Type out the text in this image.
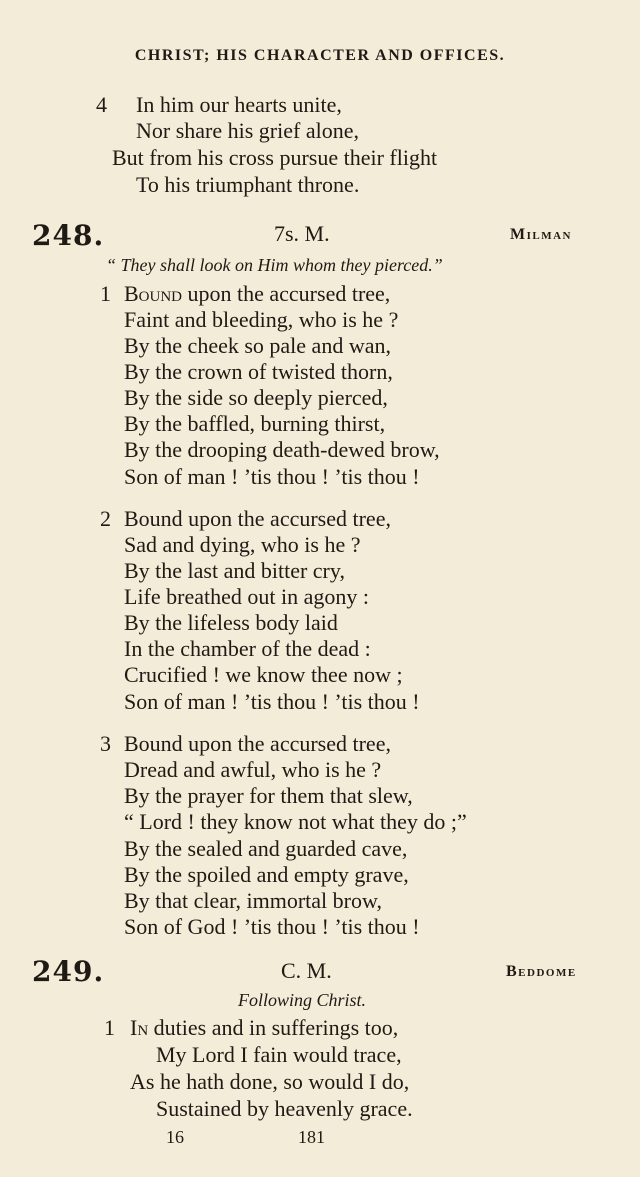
CHRIST; HIS CHARACTER AND OFFICES.
4 In him our hearts unite,
Nor share his grief alone,
But from his cross pursue their flight
To his triumphant throne.
248.	7s. M.	Milman
“ They shall look on Him whom they pierced.”
1 Bound upon the accursed tree,
Faint and bleeding, who is he ?
By the cheek so pale and wan,
By the crown of twisted thorn,
By the side so deeply pierced,
By the baffled, burning thirst,
By the drooping death-dewed brow,
Son of man ! ’tis thou ! ’tis thou !
2 Bound upon the accursed tree,
Sad and dying, who is he ?
By the last and bitter cry,
Life breathed out in agony :
By the lifeless body laid
In the chamber of the dead :
Crucified ! we know thee now ;
Son of man ! ’tis thou ! ’tis thou !
3 Bound upon the accursed tree,
Dread and awful, who is he ?
By the prayer for them that slew,
“ Lord ! they know not what they do ;”
By the sealed and guarded cave,
By the spoiled and empty grave,
By that clear, immortal brow,
Son of God ! ’tis thou ! ’tis thou !
249.	C. M.	Beddome
Following Christ.
1 In duties and in sufferings too,
My Lord I fain would trace,
As he hath done, so would I do,
Sustained by heavenly grace.
16	181
